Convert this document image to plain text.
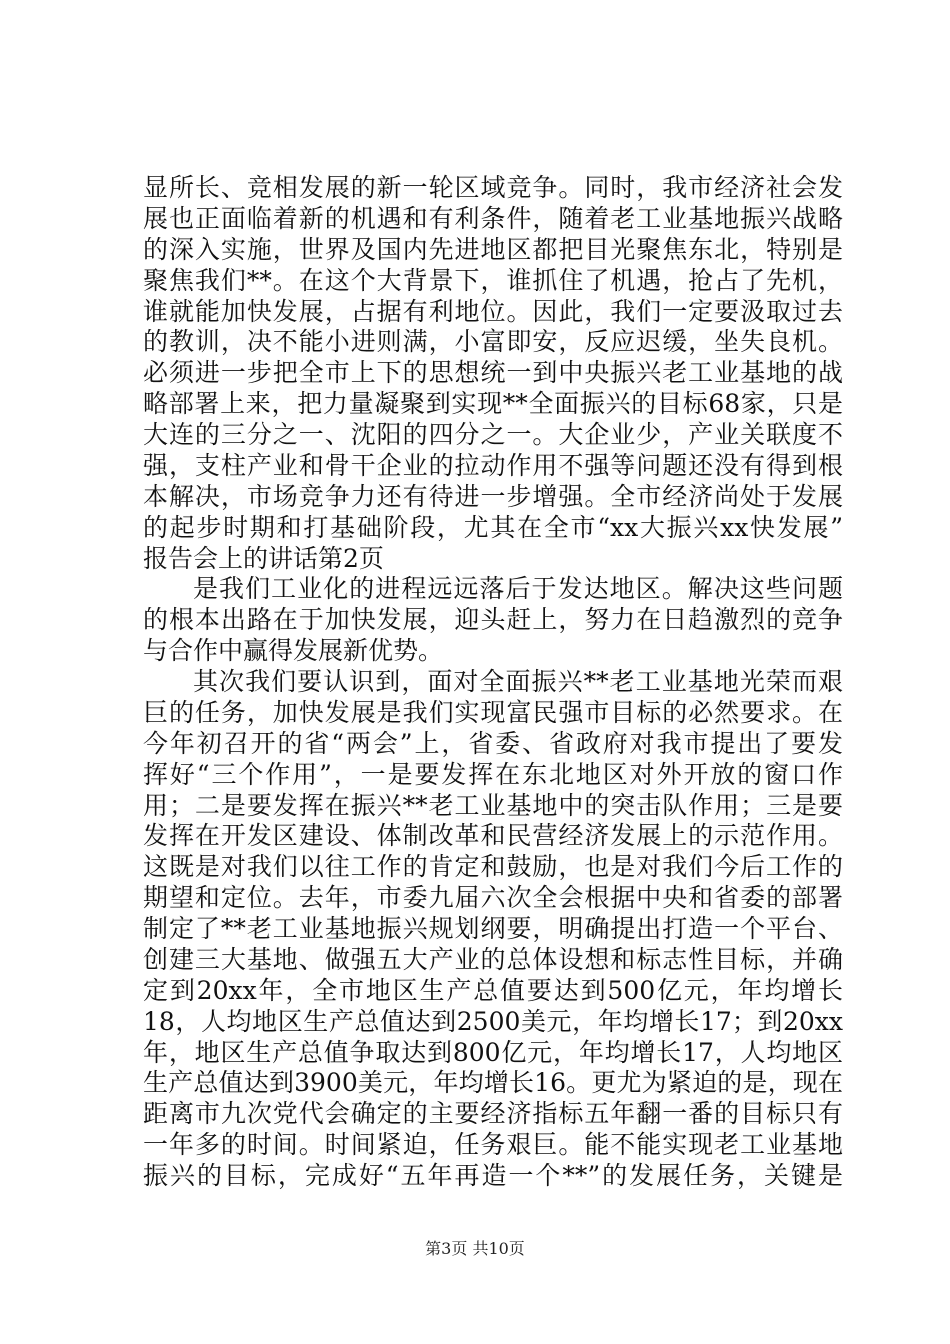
显所长、竞相发展的新一轮区域竞争。同时，我市经济社会发
展也正面临着新的机遇和有利条件，随着老工业基地振兴战略
的深入实施，世界及国内先进地区都把目光聚焦东北，特别是
聚焦我们**。在这个大背景下，谁抓住了机遇，抢占了先机，
谁就能加快发展，占据有利地位。因此，我们一定要汲取过去
的教训，决不能小进则满，小富即安，反应迟缓，坐失良机。
必须进一步把全市上下的思想统一到中央振兴老工业基地的战
略部署上来，把力量凝聚到实现**全面振兴的目标68家，只是
大连的三分之一、沈阳的四分之一。大企业少，产业关联度不
强，支柱产业和骨干企业的拉动作用不强等问题还没有得到根
本解决，市场竞争力还有待进一步增强。全市经济尚处于发展
的起步时期和打基础阶段，尤其在全市“xx大振兴xx快发展”
报告会上的讲话第2页
是我们工业化的进程远远落后于发达地区。解决这些问题
的根本出路在于加快发展，迎头赶上，努力在日趋激烈的竞争
与合作中赢得发展新优势。
其次我们要认识到，面对全面振兴**老工业基地光荣而艰
巨的任务，加快发展是我们实现富民强市目标的必然要求。在
今年初召开的省“两会”上，省委、省政府对我市提出了要发
挥好“三个作用”，一是要发挥在东北地区对外开放的窗口作
用；二是要发挥在振兴**老工业基地中的突击队作用；三是要
发挥在开发区建设、体制改革和民营经济发展上的示范作用。
这既是对我们以往工作的肯定和鼓励，也是对我们今后工作的
期望和定位。去年，市委九届六次全会根据中央和省委的部署
制定了**老工业基地振兴规划纲要，明确提出打造一个平台、
创建三大基地、做强五大产业的总体设想和标志性目标，并确
定到20xx年，全市地区生产总值要达到500亿元，年均增长
18，人均地区生产总值达到2500美元，年均增长17；到20xx
年，地区生产总值争取达到800亿元，年均增长17，人均地区
生产总值达到3900美元，年均增长16。更尤为紧迫的是，现在
距离市九次党代会确定的主要经济指标五年翻一番的目标只有
一年多的时间。时间紧迫，任务艰巨。能不能实现老工业基地
振兴的目标，完成好“五年再造一个**”的发展任务，关键是
第3页 共10页
